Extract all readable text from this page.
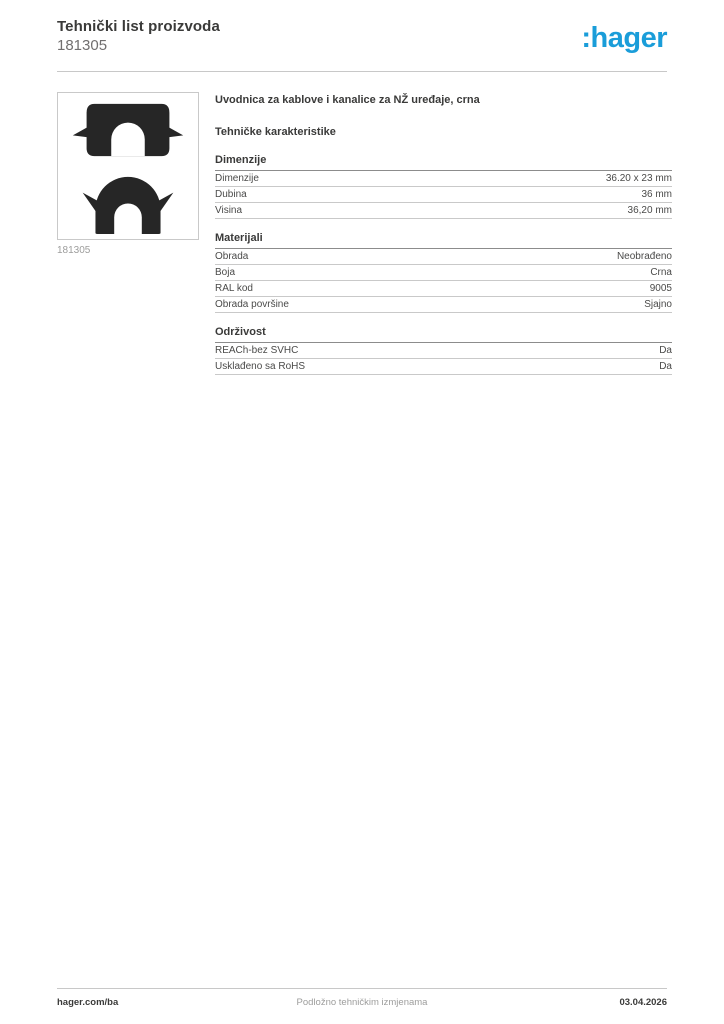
Tehnički list proizvoda
181305	:hager
181305
Uvodnica za kablove i kanalice za NŽ uređaje, crna
Tehničke karakteristike
Dimenzije
Dimenzije	36.20 x 23 mm
Dubina	36 mm
Visina	36,20 mm
Materijali
Obrada	Neobrađeno
Boja	Crna
RAL kod	9005
Obrada površine	Sjajno
Održivost
REACh-bez SVHC	Da
Usklađeno sa RoHS	Da
hager.com/ba	Podložno tehničkim izmjenama	03.04.2026
